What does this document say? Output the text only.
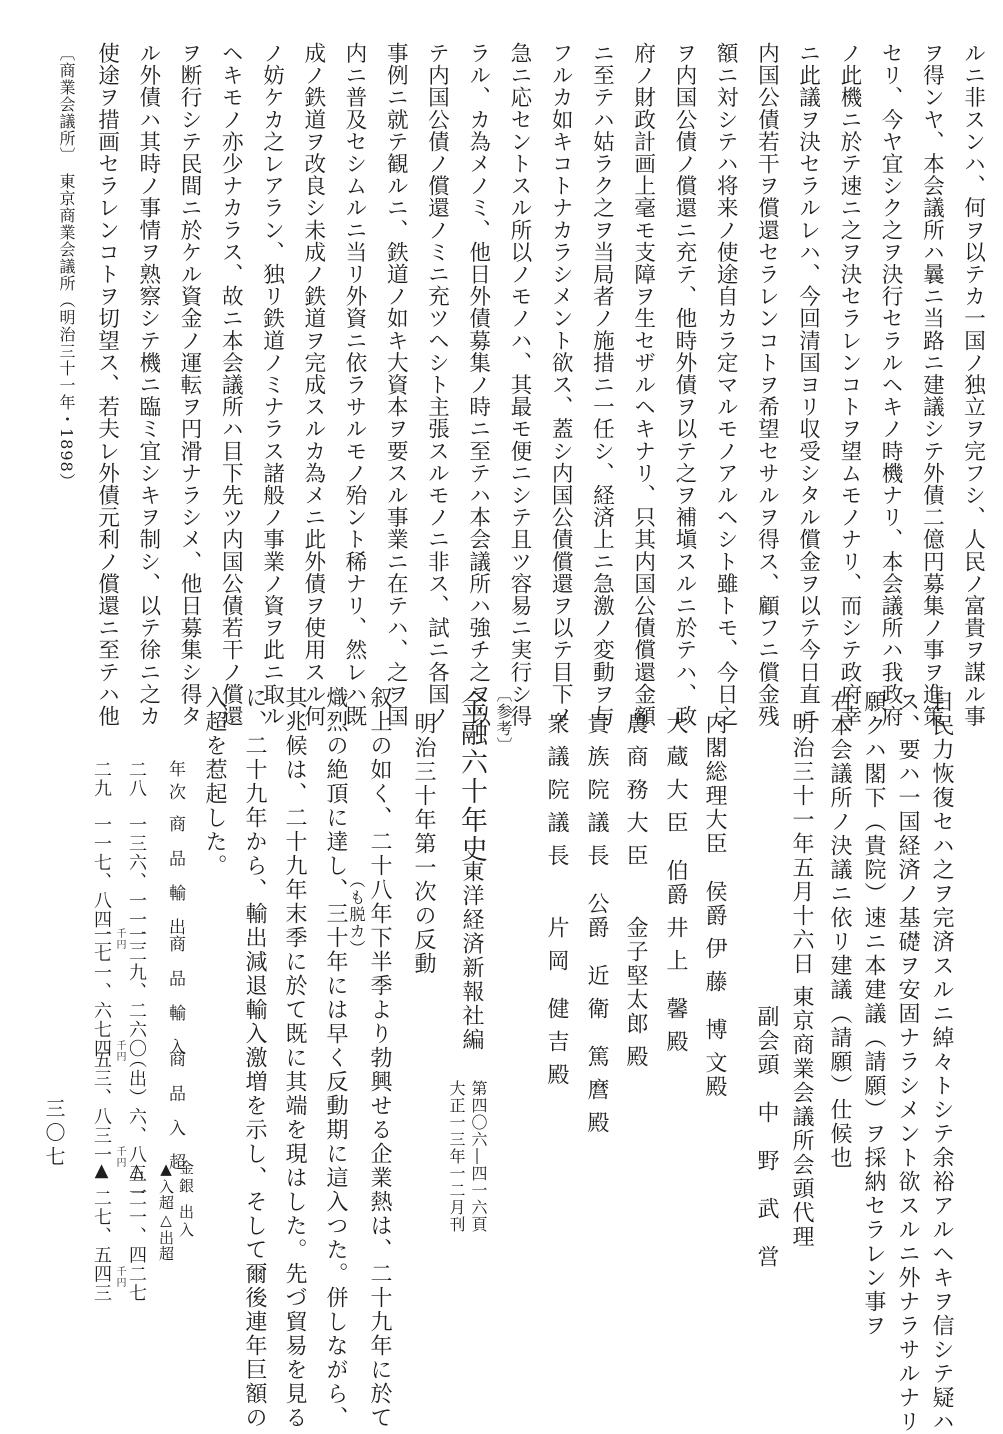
ルニ非スンハ、何ヲ以テカ一国ノ独立ヲ完フシ、人民ノ富貴ヲ謀ル事
ヲ得ンヤ、本会議所ハ曩ニ当路ニ建議シテ外債二億円募集ノ事ヲ進策
セリ、今ヤ宜シク之ヲ決行セラルヘキノ時機ナリ、本会議所ハ我政府
ノ此機ニ於テ速ニ之ヲ決セラレンコトヲ望ムモノナリ、而シテ政府幸
ニ此議ヲ決セラルレハ、今回清国ヨリ収受シタル償金ヲ以テ今日直ニ
内国公債若干ヲ償還セラレンコトヲ希望セサルヲ得ス、顧フニ償金残
額ニ対シテハ将来ノ使途自カラ定マルモノアルヘシト雖トモ、今日之
ヲ内国公債ノ償還ニ充テ、他時外債ヲ以テ之ヲ補塡スルニ於テハ、政
府ノ財政計画上毫モ支障ヲ生セザルヘキナリ、只其内国公債償還金額
ニ至テハ姑ラク之ヲ当局者ノ施措ニ一任シ、経済上ニ急激ノ変動ヲ与
フルカ如キコトナカラシメント欲ス、蓋シ内国公債償還ヲ以テ目下ノ
急ニ応セントスル所以ノモノハ、其最モ便ニシテ且ツ容易ニ実行シ得
ラル、カ為メノミ、他日外債募集ノ時ニ至テハ本会議所ハ強チ之ヲ以
テ内国公債ノ償還ノミニ充ツヘシト主張スルモノニ非ス、試ニ各国ノ
事例ニ就テ観ルニ、鉄道ノ如キ大資本ヲ要スル事業ニ在テハ、之ヲ国
内ニ普及セシムルニ当リ外資ニ依ラサルモノ殆ント稀ナリ、然レハ既
成ノ鉄道ヲ改良シ未成ノ鉄道ヲ完成スルカ為メニ此外債ヲ使用スル何
ノ妨ケカ之レアラン、独リ鉄道ノミナラス諸般ノ事業ノ資ヲ此ニ取ル
ヘキモノ亦少ナカラス、故ニ本会議所ハ目下先ツ内国公債若干ノ償還
ヲ断行シテ民間ニ於ケル資金ノ運転ヲ円滑ナラシメ、他日募集シ得タ
ル外債ハ其時ノ事情ヲ熟察シテ機ニ臨ミ宜シキヲ制シ、以テ徐ニ之カ
使途ヲ措画セラレンコトヲ切望ス、若夫レ外債元利ノ償還ニ至テハ他
〔商業会議所〕　東京商業会議所（明治三十一年・1898）
日民力恢復セハ之ヲ完済スルニ綽々トシテ余裕アルヘキヲ信シテ疑ハ
ス、要ハ一国経済ノ基礎ヲ安固ナラシメント欲スルニ外ナラサルナリ
願クハ閣下（貴院）速ニ本建議（請願）ヲ採納セラレン事ヲ
右本会議所ノ決議ニ依リ建議（請願）仕候也
明治三十一年五月十六日
東京商業会議所会頭代理
副会頭　中　野　武　営
内閣総理大臣　侯爵 伊 藤　博 文殿
大 蔵 大 臣　伯爵 井 上　馨 殿
農 商 務 大 臣　　金子堅太郎 殿
貴 族 院 議 長　公爵　近 衛　篤 麿 殿
衆 議 院 議 長　　片 岡　健 吉 殿
〔参考〕
金融六十年史
東洋経済新報社編
第四〇六―四一六頁
大正一三年一二月刊
明治三十年第一次の反動
叙上の如く、二十八年下半季より勃興せる企業熱は、二十九年に於て
（も脱カ）
熾烈の絶頂に達し、三十年には早く反動期に這入つた。併しながら、
其兆候は、二十九年末季に於て既に其端を現はした。先づ貿易を見る
に、二十九年から、輸出減退輸入激増を示し、そして爾後連年巨額の
入超を惹起した。
年次
商 品 輸 出
商 品 輸 入
商 品 入 超
金銀 出入
▲入超△出超
二八
一三六、一一二
千円 一二九、二六〇
千円 （出）六、八五一
千円
△ 二一、四二七
千円
二九
一一七、八四二
一七一、六七四
五三、八三一
▲ 二七、五四三
三〇七
